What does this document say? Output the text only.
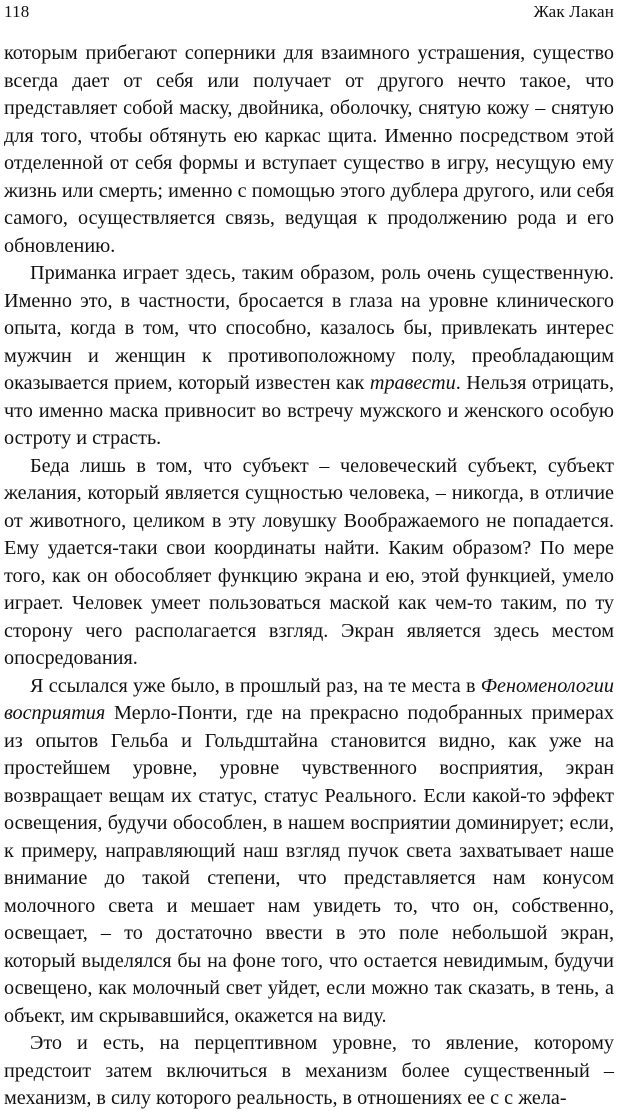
118	Жак Лакан

которым прибегают соперники для взаимного устрашения, существо всегда дает от себя или получает от другого нечто такое, что представляет собой маску, двойника, оболочку, снятую кожу – снятую для того, чтобы обтянуть ею каркас щита. Именно посредством этой отделенной от себя формы и вступает существо в игру, несущую ему жизнь или смерть; именно с помощью этого дублера другого, или себя самого, осуществляется связь, ведущая к продолжению рода и его обновлению.

Приманка играет здесь, таким образом, роль очень существенную. Именно это, в частности, бросается в глаза на уровне клинического опыта, когда в том, что способно, казалось бы, привлекать интерес мужчин и женщин к противоположному полу, преобладающим оказывается прием, который известен как травести. Нельзя отрицать, что именно маска привносит во встречу мужского и женского особую остроту и страсть.

Беда лишь в том, что субъект – человеческий субъект, субъект желания, который является сущностью человека, – никогда, в отличие от животного, целиком в эту ловушку Воображаемого не попадается. Ему удается-таки свои координаты найти. Каким образом? По мере того, как он обособляет функцию экрана и ею, этой функцией, умело играет. Человек умеет пользоваться маской как чем-то таким, по ту сторону чего располагается взгляд. Экран является здесь местом опосредования.

Я ссылался уже было, в прошлый раз, на те места в Феноменологии восприятия Мерло-Понти, где на прекрасно подобранных примерах из опытов Гельба и Гольдштайна становится видно, как уже на простейшем уровне, уровне чувственного восприятия, экран возвращает вещам их статус, статус Реального. Если какой-то эффект освещения, будучи обособлен, в нашем восприятии доминирует; если, к примеру, направляющий наш взгляд пучок света захватывает наше внимание до такой степени, что представляется нам конусом молочного света и мешает нам увидеть то, что он, собственно, освещает, – то достаточно ввести в это поле небольшой экран, который выделялся бы на фоне того, что остается невидимым, будучи освещено, как молочный свет уйдет, если можно так сказать, в тень, а объект, им скрывавшийся, окажется на виду.

Это и есть, на перцептивном уровне, то явление, которому предстоит затем включиться в механизм более существенный – механизм, в силу которого реальность, в отношениях ее с с жела-
